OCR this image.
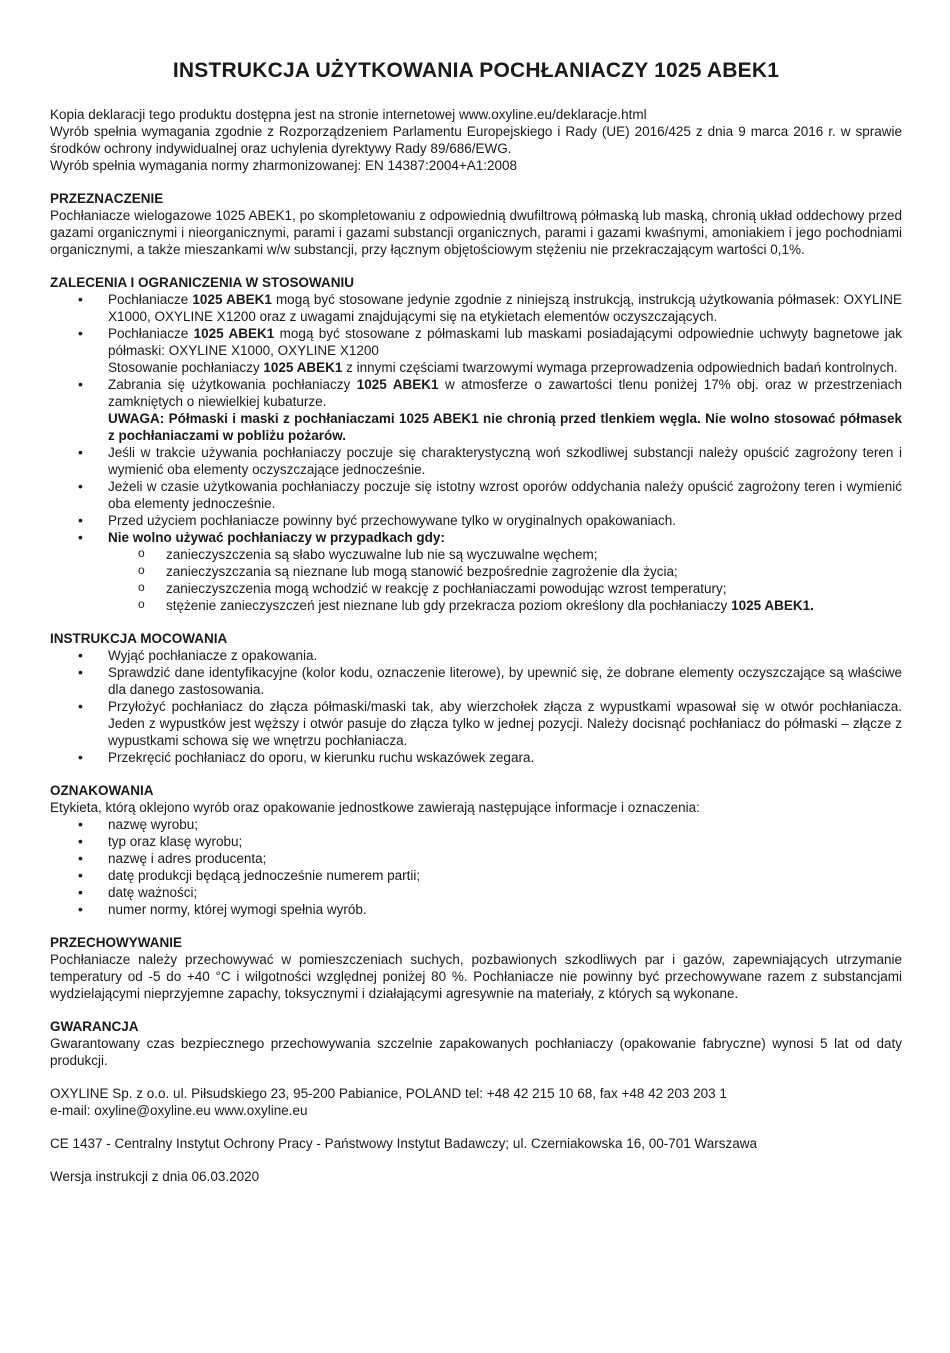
INSTRUKCJA UŻYTKOWANIA POCHŁANIACZY 1025 ABEK1

Kopia deklaracji tego produktu dostępna jest na stronie internetowej www.oxyline.eu/deklaracje.html

Wyrób spełnia wymagania zgodnie z Rozporządzeniem Parlamentu Europejskiego i Rady (UE) 2016/425 z dnia 9 marca 2016 r. w sprawie środków ochrony indywidualnej oraz uchylenia dyrektywy Rady 89/686/EWG.

Wyrób spełnia wymagania normy zharmonizowanej: EN 14387:2004+A1:2008

PRZEZNACZENIE

Pochłaniacze wielogazowe 1025 ABEK1, po skompletowaniu z odpowiednią dwufiltrową półmaską lub maską, chronią układ oddechowy przed gazami organicznymi i nieorganicznymi, parami i gazami substancji organicznych, parami i gazami kwaśnymi, amoniakiem i jego pochodniami organicznymi, a także mieszankami w/w substancji, przy łącznym objętościowym stężeniu nie przekraczającym wartości 0,1%.

ZALECENIA I OGRANICZENIA W STOSOWANIU

• Pochłaniacze 1025 ABEK1 mogą być stosowane jedynie zgodnie z niniejszą instrukcją, instrukcją użytkowania półmasek: OXYLINE X1000, OXYLINE X1200 oraz z uwagami znajdującymi się na etykietach elementów oczyszczających.
• Pochłaniacze 1025 ABEK1 mogą być stosowane z półmaskami lub maskami posiadającymi odpowiednie uchwyty bagnetowe jak półmaski: OXYLINE X1000, OXYLINE X1200
Stosowanie pochłaniaczy 1025 ABEK1 z innymi częściami twarzowymi wymaga przeprowadzenia odpowiednich badań kontrolnych.
• Zabrania się użytkowania pochłaniaczy 1025 ABEK1 w atmosferze o zawartości tlenu poniżej 17% obj. oraz w przestrzeniach zamkniętych o niewielkiej kubaturze.
UWAGA: Półmaski i maski z pochłaniaczami 1025 ABEK1 nie chronią przed tlenkiem węgla. Nie wolno stosować półmasek z pochłaniaczami w pobliżu pożarów.
• Jeśli w trakcie używania pochłaniaczy poczuje się charakterystyczną woń szkodliwej substancji należy opuścić zagrożony teren i wymienić oba elementy oczyszczające jednocześnie.
• Jeżeli w czasie użytkowania pochłaniaczy poczuje się istotny wzrost oporów oddychania należy opuścić zagrożony teren i wymienić oba elementy jednocześnie.
• Przed użyciem pochłaniacze powinny być przechowywane tylko w oryginalnych opakowaniach.
• Nie wolno używać pochłaniaczy w przypadkach gdy:
o zanieczyszczenia są słabo wyczuwalne lub nie są wyczuwalne węchem;
o zanieczyszczania są nieznane lub mogą stanowić bezpośrednie zagrożenie dla życia;
o zanieczyszczenia mogą wchodzić w reakcję z pochłaniaczami powodując wzrost temperatury;
o stężenie zanieczyszczeń jest nieznane lub gdy przekracza poziom określony dla pochłaniaczy 1025 ABEK1.

INSTRUKCJA MOCOWANIA

• Wyjąć pochłaniacze z opakowania.
• Sprawdzić dane identyfikacyjne (kolor kodu, oznaczenie literowe), by upewnić się, że dobrane elementy oczyszczające są właściwe dla danego zastosowania.
• Przyłożyć pochłaniacz do złącza półmaski/maski tak, aby wierzchołek złącza z wypustkami wpasował się w otwór pochłaniacza. Jeden z wypustków jest węższy i otwór pasuje do złącza tylko w jednej pozycji. Należy docisnąć pochłaniacz do półmaski – złącze z wypustkami schowa się we wnętrzu pochłaniacza.
• Przekręcić pochłaniacz do oporu, w kierunku ruchu wskazówek zegara.

OZNAKOWANIA

Etykieta, którą oklejono wyrób oraz opakowanie jednostkowe zawierają następujące informacje i oznaczenia:

• nazwę wyrobu;
• typ oraz klasę wyrobu;
• nazwę i adres producenta;
• datę produkcji będącą jednocześnie numerem partii;
• datę ważności;
• numer normy, której wymogi spełnia wyrób.

PRZECHOWYWANIE

Pochłaniacze należy przechowywać w pomieszczeniach suchych, pozbawionych szkodliwych par i gazów, zapewniających utrzymanie temperatury od -5 do +40 °C i wilgotności względnej poniżej 80 %. Pochłaniacze nie powinny być przechowywane razem z substancjami wydzielającymi nieprzyjemne zapachy, toksycznymi i działającymi agresywnie na materiały, z których są wykonane.

GWARANCJA

Gwarantowany czas bezpiecznego przechowywania szczelnie zapakowanych pochłaniaczy (opakowanie fabryczne) wynosi 5 lat od daty produkcji.

OXYLINE Sp. z o.o. ul. Piłsudskiego 23, 95-200 Pabianice, POLAND tel: +48 42 215 10 68, fax +48 42 203 203 1

e-mail: oxyline@oxyline.eu www.oxyline.eu

CE 1437 - Centralny Instytut Ochrony Pracy - Państwowy Instytut Badawczy; ul. Czerniakowska 16, 00-701 Warszawa

Wersja instrukcji z dnia 06.03.2020
